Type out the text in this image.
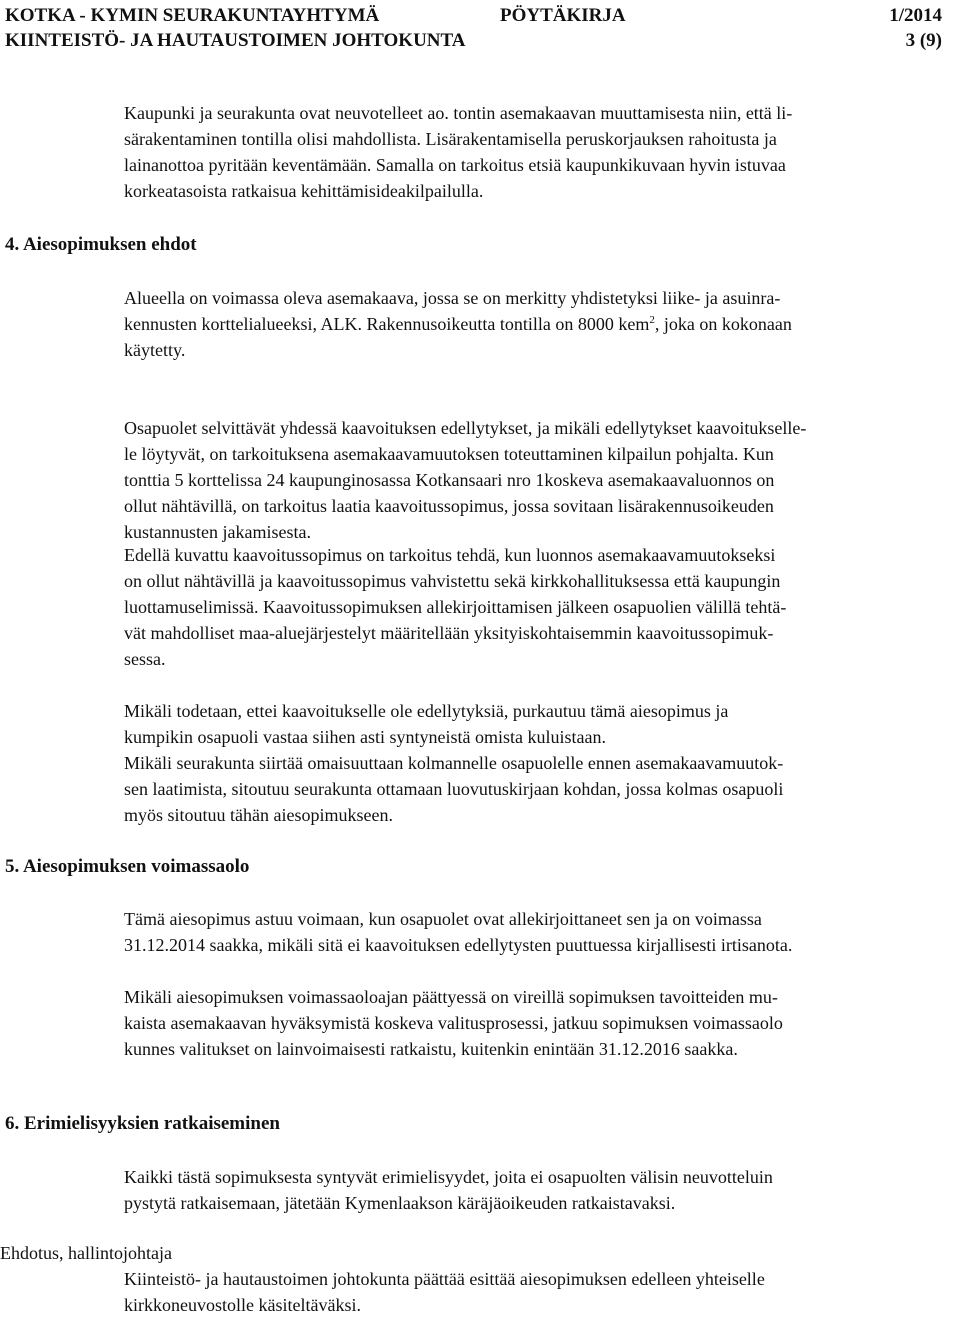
KOTKA - KYMIN SEURAKUNTAYHTYMÄ	PÖYTÄKIRJA	1/2014
KIINTEISTÖ- JA HAUTAUSTOIMEN JOHTOKUNTA	3 (9)
Kaupunki ja seurakunta ovat neuvotelleet ao. tontin asemakaavan muuttamisesta niin, että li-
särakentaminen tontilla olisi mahdollista. Lisärakentamisella peruskorjauksen rahoitusta ja
lainanottoa pyritään keventämään. Samalla on tarkoitus etsiä kaupunkikuvaan hyvin istuvaa
korkeatasoista ratkaisua kehittämisideakilpailulla.
4. Aiesopimuksen ehdot
Alueella on voimassa oleva asemakaava, jossa se on merkitty yhdistetyksi liike- ja asuinra-
kennusten korttelialueeksi, ALK. Rakennusoikeutta tontilla on 8000 kem$^2$, joka on kokonaan
käytetty.
Osapuolet selvittävät yhdessä kaavoituksen edellytykset, ja mikäli edellytykset kaavoitukselle-
le löytyvät, on tarkoituksena asemakaavamuutoksen toteuttaminen kilpailun pohjalta. Kun
tonttia 5 korttelissa 24 kaupunginosassa Kotkansaari nro 1koskeva asemakaavaluonnos on
ollut nähtävillä, on tarkoitus laatia kaavoitussopimus, jossa sovitaan lisärakennusoikeuden
kustannusten jakamisesta.
Edellä kuvattu kaavoitussopimus on tarkoitus tehdä, kun luonnos asemakaavamuutokseksi
on ollut nähtävillä ja kaavoitussopimus vahvistettu sekä kirkkohallituksessa että kaupungin
luottamuselimissä. Kaavoitussopimuksen allekirjoittamisen jälkeen osapuolien välillä tehtä-
vät mahdolliset maa-aluejärjestelyt määritellään yksityiskohtaisemmin kaavoitussopimuk-
sessa.
Mikäli todetaan, ettei kaavoitukselle ole edellytyksiä, purkautuu tämä aiesopimus ja
kumpikin osapuoli vastaa siihen asti syntyneistä omista kuluistaan.
Mikäli seurakunta siirtää omaisuuttaan kolmannelle osapuolelle ennen asemakaavamuutok-
sen laatimista, sitoutuu seurakunta ottamaan luovutuskirjaan kohdan, jossa kolmas osapuoli
myös sitoutuu tähän aiesopimukseen.
5. Aiesopimuksen voimassaolo
Tämä aiesopimus astuu voimaan, kun osapuolet ovat allekirjoittaneet sen ja on voimassa
31.12.2014 saakka, mikäli sitä ei kaavoituksen edellytysten puuttuessa kirjallisesti irtisanota.
Mikäli aiesopimuksen voimassaoloajan päättyessä on vireillä sopimuksen tavoitteiden mu-
kaista asemakaavan hyväksymistä koskeva valitusprosessi, jatkuu sopimuksen voimassaolo
kunnes valitukset on lainvoimaisesti ratkaistu, kuitenkin enintään 31.12.2016 saakka.
6. Erimielisyyksien ratkaiseminen
Kaikki tästä sopimuksesta syntyvät erimielisyydet, joita ei osapuolten välisin neuvotteluin
pystytä ratkaisemaan, jätetään Kymenlaakson käräjäoikeuden ratkaistavaksi.
Ehdotus, hallintojohtaja
Kiinteistö- ja hautaustoimen johtokunta päättää esittää aiesopimuksen edelleen yhteiselle
kirkkoneuvostolle käsiteltäväksi.
